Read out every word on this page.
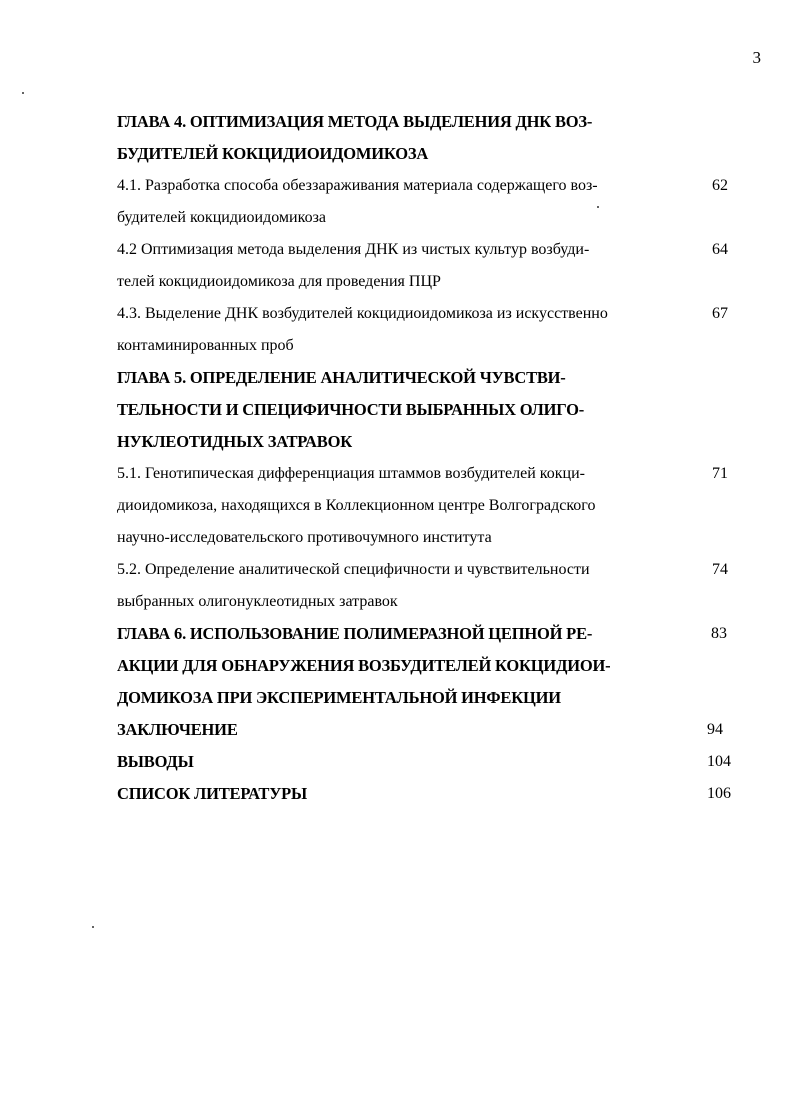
3
ГЛАВА 4. ОПТИМИЗАЦИЯ МЕТОДА ВЫДЕЛЕНИЯ ДНК ВОЗ-
БУДИТЕЛЕЙ КОКЦИДИОИДОМИКОЗА
4.1. Разработка способа обеззараживания материала содержащего воз-	62
будителей кокцидиоидомикоза
4.2 Оптимизация метода выделения ДНК из чистых культур возбуди-	64
телей кокцидиоидомикоза для проведения ПЦР
4.3. Выделение ДНК возбудителей кокцидиоидомикоза из искусственно	67
контаминированных проб
ГЛАВА 5. ОПРЕДЕЛЕНИЕ АНАЛИТИЧЕСКОЙ ЧУВСТВИ-
ТЕЛЬНОСТИ И СПЕЦИФИЧНОСТИ ВЫБРАННЫХ ОЛИГО-
НУКЛЕОТИДНЫХ ЗАТРАВОК
5.1. Генотипическая дифференциация штаммов возбудителей кокци-	71
диоидомикоза, находящихся в Коллекционном центре Волгоградского
научно-исследовательского противочумного института
5.2. Определение аналитической специфичности и чувствительности	74
выбранных олигонуклеотидных затравок
ГЛАВА 6. ИСПОЛЬЗОВАНИЕ ПОЛИМЕРАЗНОЙ ЦЕПНОЙ РЕ-	83
АКЦИИ ДЛЯ ОБНАРУЖЕНИЯ ВОЗБУДИТЕЛЕЙ КОКЦИДИОИ-
ДОМИКОЗА ПРИ ЭКСПЕРИМЕНТАЛЬНОЙ ИНФЕКЦИИ
ЗАКЛЮЧЕНИЕ	94
ВЫВОДЫ	104
СПИСОК ЛИТЕРАТУРЫ	106
